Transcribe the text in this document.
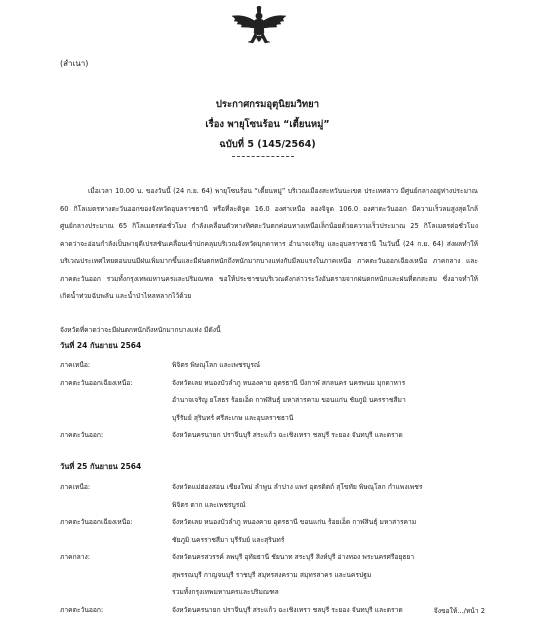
(สำเนา)
ประกาศกรมอุตุนิยมวิทยา
เรื่อง พายุโซนร้อน “เตี้ยนหมู่”
ฉบับที่ 5 (145/2564)

เมื่อเวลา 10.00 น. ของวันนี้ (24 ก.ย. 64) พายุโซนร้อน “เตี้ยนหมู่” บริเวณเมืองสะหวันนะเขต ประเทศลาว มีศูนย์กลางอยู่ห่างประมาณ 60 กิโลเมตรทางตะวันออกของจังหวัดอุบลราชธานี หรือที่ละติจูด 16.0 องศาเหนือ ลองจิจูด 106.0 องศาตะวันออก มีความเร็วลมสูงสุดใกล้ศูนย์กลางประมาณ 65 กิโลเมตรต่อชั่วโมง กำลังเคลื่อนตัวทางทิศตะวันตกค่อนทางเหนือเล็กน้อยด้วยความเร็วประมาณ 25 กิโลเมตรต่อชั่วโมง คาดว่าจะอ่อนกำลังเป็นพายุดีเปรสชันเคลื่อนเข้าปกคลุมบริเวณจังหวัดมุกดาหาร อำนาจเจริญ และอุบลราชธานี ในวันนี้ (24 ก.ย. 64) ส่งผลทำให้บริเวณประเทศไทยตอนบนมีฝนเพิ่มมากขึ้นและมีฝนตกหนักถึงหนักมากบางแห่งกับมีลมแรงในภาคเหนือ ภาคตะวันออกเฉียงเหนือ ภาคกลาง และภาคตะวันออก รวมทั้งกรุงเทพมหานครและปริมณฑล ขอให้ประชาชนบริเวณดังกล่าวระวังอันตรายจากฝนตกหนักและฝนที่ตกสะสม ซึ่งอาจทำให้เกิดน้ำท่วมฉับพลัน และน้ำป่าไหลหลากไว้ด้วย

จังหวัดที่คาดว่าจะมีฝนตกหนักถึงหนักมากบางแห่ง มีดังนี้
วันที่ 24 กันยายน 2564
ภาคเหนือ:	พิจิตร พิษณุโลก และเพชรบูรณ์
ภาคตะวันออกเฉียงเหนือ:	จังหวัดเลย หนองบัวลำภู หนองคาย อุดรธานี บึงกาฬ สกลนคร นครพนม มุกดาหาร
อำนาจเจริญ ยโสธร ร้อยเอ็ด กาฬสินธุ์ มหาสารคาม ขอนแก่น ชัยภูมิ นครราชสีมา
บุรีรัมย์ สุรินทร์ ศรีสะเกษ และอุบลราชธานี
ภาคตะวันออก:	จังหวัดนครนายก ปราจีนบุรี สระแก้ว ฉะเชิงเทรา ชลบุรี ระยอง จันทบุรี และตราด
วันที่ 25 กันยายน 2564
ภาคเหนือ:	จังหวัดแม่ฮ่องสอน เชียงใหม่ ลำพูน ลำปาง แพร่ อุตรดิตถ์ สุโขทัย พิษณุโลก กำแพงเพชร
พิจิตร ตาก และเพชรบูรณ์
ภาคตะวันออกเฉียงเหนือ:	จังหวัดเลย หนองบัวลำภู หนองคาย อุดรธานี ขอนแก่น ร้อยเอ็ด กาฬสินธุ์ มหาสารคาม
ชัยภูมิ นครราชสีมา บุรีรัมย์ และสุรินทร์
ภาคกลาง:	จังหวัดนครสวรรค์ ลพบุรี อุทัยธานี ชัยนาท สระบุรี สิงห์บุรี อ่างทอง พระนครศรีอยุธยา
สุพรรณบุรี กาญจนบุรี ราชบุรี สมุทรสงคราม สมุทรสาคร และนครปฐม
รวมทั้งกรุงเทพมหานครและปริมณฑล
ภาคตะวันออก:	จังหวัดนครนายก ปราจีนบุรี สระแก้ว ฉะเชิงเทรา ชลบุรี ระยอง จันทบุรี และตราด	จึงขอให้.../หน้า 2
